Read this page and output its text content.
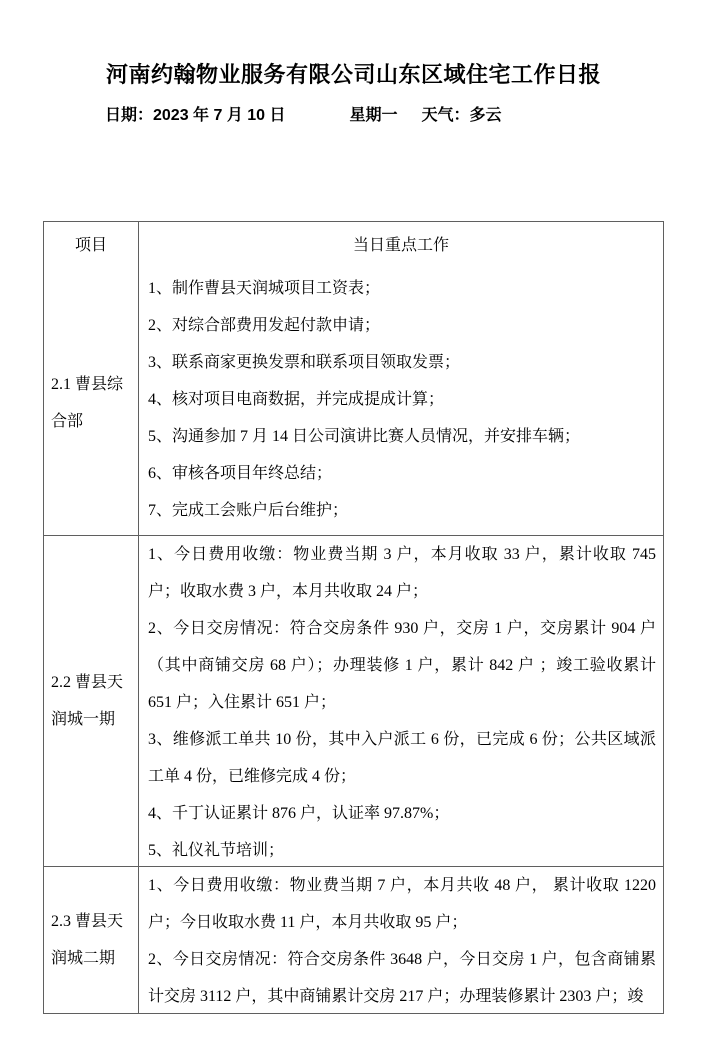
河南约翰物业服务有限公司山东区域住宅工作日报
日期：2023 年 7 月 10 日	星期一 天气：多云
项目	当日重点工作
2.1 曹县综合部

1、制作曹县天润城项目工资表；

2、对综合部费用发起付款申请；

3、联系商家更换发票和联系项目领取发票；

4、核对项目电商数据，并完成提成计算；

5、沟通参加 7 月 14 日公司演讲比赛人员情况，并安排车辆；

6、审核各项目年终总结；

7、完成工会账户后台维护；

2.2 曹县天润城一期

1、今日费用收缴：物业费当期 3 户，本月收取 33 户，累计收取 745 户；收取水费 3 户，本月共收取 24 户；

2、今日交房情况：符合交房条件 930 户，交房 1 户，交房累计 904 户（其中商铺交房 68 户）；办理装修 1 户，累计 842 户 ；竣工验收累计 651 户；入住累计 651 户；

3、维修派工单共 10 份，其中入户派工 6 份，已完成 6 份；公共区域派工单 4 份，已维修完成 4 份；

4、千丁认证累计 876 户，认证率 97.87%；

5、礼仪礼节培训；

2.3 曹县天润城二期

1、今日费用收缴：物业费当期 7 户，本月共收 48 户， 累计收取 1220 户；今日收取水费 11 户，本月共收取 95 户；

2、今日交房情况：符合交房条件 3648 户，今日交房 1 户，包含商铺累计交房 3112 户，其中商铺累计交房 217 户；办理装修累计 2303 户；竣
